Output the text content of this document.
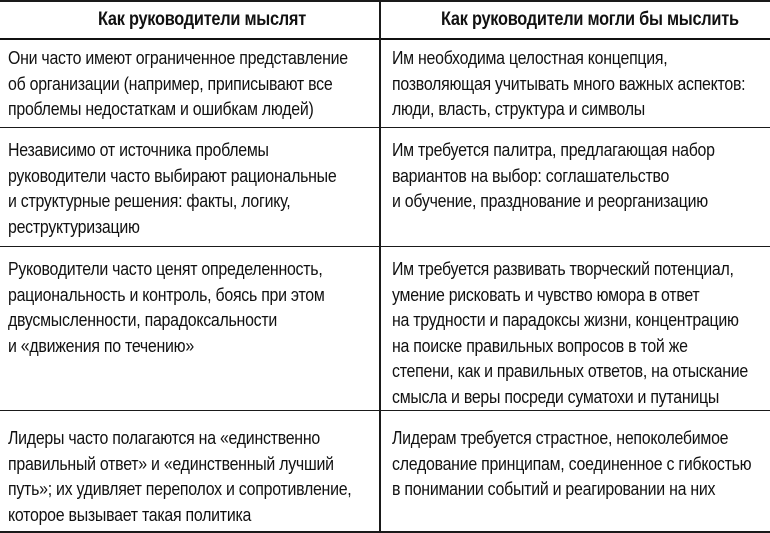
Как руководители мыслят	Как руководители могли бы мыслить
Они часто имеют ограниченное представление
об организации (например, приписывают все
проблемы недостаткам и ошибкам людей)
Им необходима целостная концепция,
позволяющая учитывать много важных аспектов:
люди, власть, структура и символы
Независимо от источника проблемы
руководители часто выбирают рациональные
и структурные решения: факты, логику,
реструктуризацию
Им требуется палитра, предлагающая набор
вариантов на выбор: соглашательство
и обучение, празднование и реорганизацию
Руководители часто ценят определенность,
рациональность и контроль, боясь при этом
двусмысленности, парадоксальности
и «движения по течению»
Им требуется развивать творческий потенциал,
умение рисковать и чувство юмора в ответ
на трудности и парадоксы жизни, концентрацию
на поиске правильных вопросов в той же
степени, как и правильных ответов, на отыскание
смысла и веры посреди суматохи и путаницы
Лидеры часто полагаются на «единственно
правильный ответ» и «единственный лучший
путь»; их удивляет переполох и сопротивление,
которое вызывает такая политика
Лидерам требуется страстное, непоколебимое
следование принципам, соединенное с гибкостью
в понимании событий и реагировании на них
